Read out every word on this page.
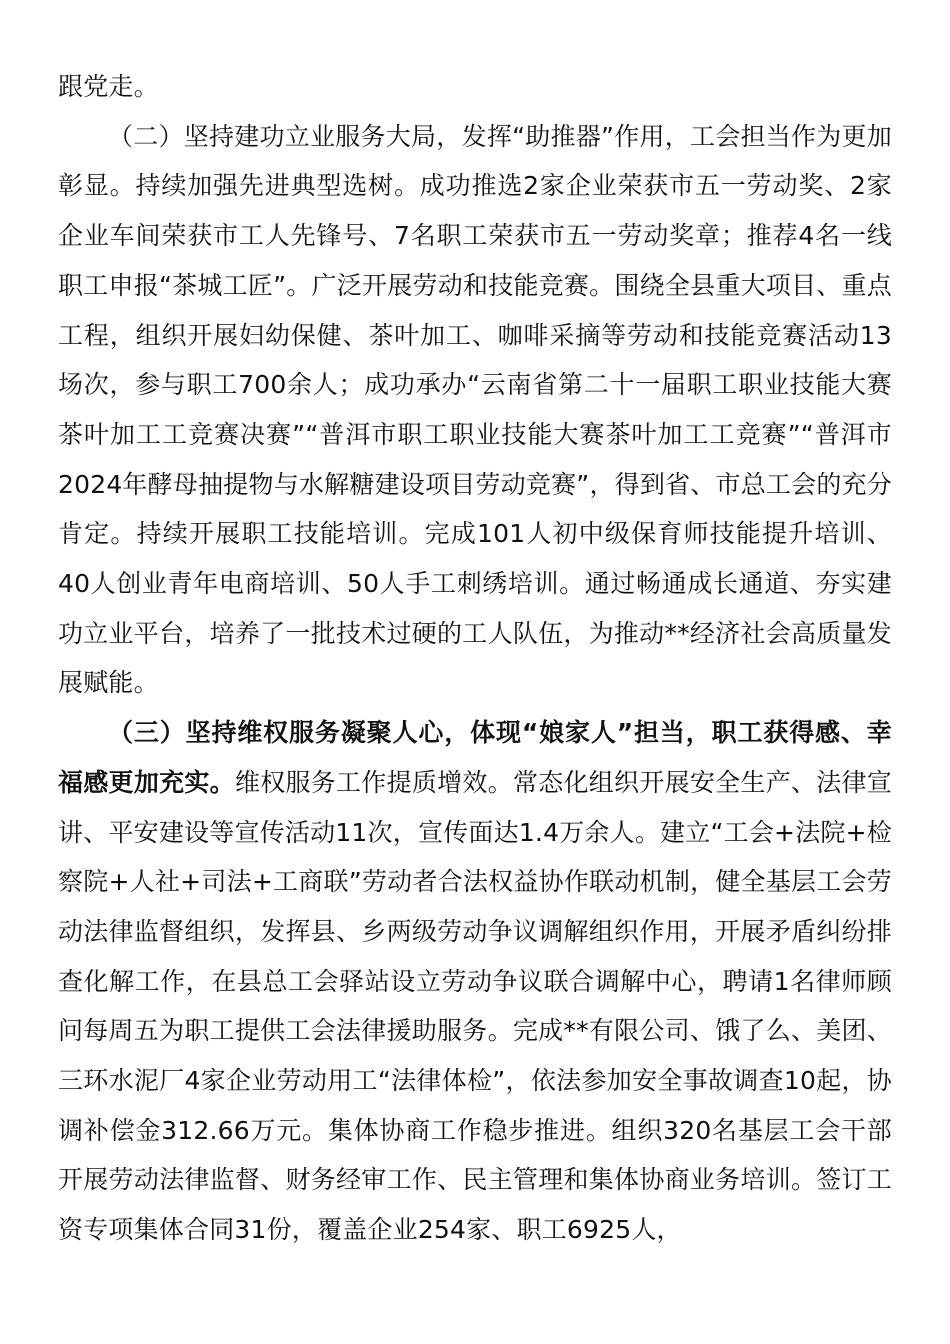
跟党走。

（二）坚持建功立业服务大局，发挥“助推器”作用，工会担当作为更加彰显。持续加强先进典型选树。成功推选2家企业荣获市五一劳动奖、2家企业车间荣获市工人先锋号、7名职工荣获市五一劳动奖章；推荐4名一线职工申报“茶城工匠”。广泛开展劳动和技能竞赛。围绕全县重大项目、重点工程，组织开展妇幼保健、茶叶加工、咖啡采摘等劳动和技能竞赛活动13场次，参与职工700余人；成功承办“云南省第二十一届职工职业技能大赛茶叶加工工竞赛决赛”“普洱市职工职业技能大赛茶叶加工工竞赛”“普洱市2024年酵母抽提物与水解糖建设项目劳动竞赛”，得到省、市总工会的充分肯定。持续开展职工技能培训。完成101人初中级保育师技能提升培训、40人创业青年电商培训、50人手工刺绣培训。通过畅通成长通道、夯实建功立业平台，培养了一批技术过硬的工人队伍，为推动**经济社会高质量发展赋能。

（三）坚持维权服务凝聚人心，体现“娘家人”担当，职工获得感、幸福感更加充实。维权服务工作提质增效。常态化组织开展安全生产、法律宣讲、平安建设等宣传活动11次，宣传面达1.4万余人。建立“工会+法院+检察院+人社+司法+工商联”劳动者合法权益协作联动机制，健全基层工会劳动法律监督组织，发挥县、乡两级劳动争议调解组织作用，开展矛盾纠纷排查化解工作，在县总工会驿站设立劳动争议联合调解中心，聘请1名律师顾问每周五为职工提供工会法律援助服务。完成**有限公司、饿了么、美团、三环水泥厂4家企业劳动用工“法律体检”，依法参加安全事故调查10起，协调补偿金312.66万元。集体协商工作稳步推进。组织320名基层工会干部开展劳动法律监督、财务经审工作、民主管理和集体协商业务培训。签订工资专项集体合同31份，覆盖企业254家、职工6925人，
